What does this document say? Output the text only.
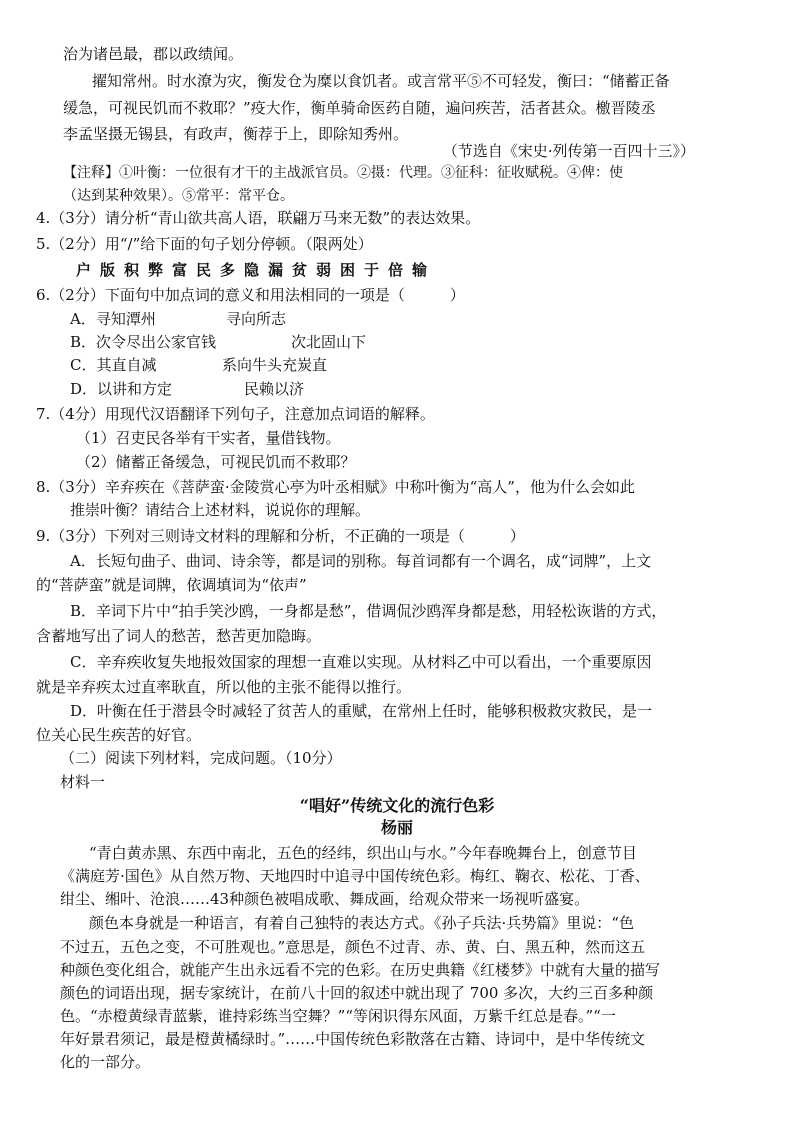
治为诸邑最，郡以政绩闻。
擢知常州。时水潦为灾，衡发仓为糜以食饥者。或言常平⑤不可轻发，衡曰：“储蓄正备
缓急，可视民饥而不救耶？”疫大作，衡单骑命医药自随，遍问疾苦，活者甚众。檄晋陵丞
李孟坚摄无锡县，有政声，衡荐于上，即除知秀州。
（节选自《宋史·列传第一百四十三》）
【注释】①叶衡：一位很有才干的主战派官员。②摄：代理。③征科：征收赋税。④俾：使
（达到某种效果）。⑤常平：常平仓。
4.（3分）请分析“青山欲共高人语，联翩万马来无数”的表达效果。
5.（2分）用“/”给下面的句子划分停顿。（限两处）
户版积弊富民多隐漏贫弱困于倍输
6.（2分）下面句中加点词的意义和用法相同的一项是（　　　）
A．寻知潭州	寻向所志
B．次令尽出公家官钱	次北固山下
C．其直自减	系向牛头充炭直
D．以讲和方定	民赖以济
7.（4分）用现代汉语翻译下列句子，注意加点词语的解释。
（1）召吏民各举有干实者，量借钱物。
（2）储蓄正备缓急，可视民饥而不救耶？
8.（3分）辛弃疾在《菩萨蛮·金陵赏心亭为叶丞相赋》中称叶衡为“高人”，他为什么会如此
推崇叶衡？请结合上述材料，说说你的理解。
9.（3分）下列对三则诗文材料的理解和分析，不正确的一项是（　　　）
A．长短句曲子、曲词、诗余等，都是词的别称。每首词都有一个调名，成“词牌”，上文
的“菩萨蛮”就是词牌，依调填词为“依声”
B．辛词下片中“拍手笑沙鸥，一身都是愁”，借调侃沙鸥浑身都是愁，用轻松诙谐的方式，
含蓄地写出了词人的愁苦，愁苦更加隐晦。
C．辛弃疾收复失地报效国家的理想一直难以实现。从材料乙中可以看出，一个重要原因
就是辛弃疾太过直率耿直，所以他的主张不能得以推行。
D．叶衡在任于潜县令时减轻了贫苦人的重赋，在常州上任时，能够积极救灾救民，是一
位关心民生疾苦的好官。
（二）阅读下列材料，完成问题。（10分）
材料一
“唱好”传统文化的流行色彩
杨丽
“青白黄赤黑、东西中南北，五色的经纬，织出山与水。”今年春晚舞台上，创意节目
《满庭芳·国色》从自然万物、天地四时中追寻中国传统色彩。梅红、鞠衣、松花、丁香、
绀尘、缃叶、沧浪……43种颜色被唱成歌、舞成画，给观众带来一场视听盛宴。
颜色本身就是一种语言，有着自己独特的表达方式。《孙子兵法·兵势篇》里说：“色
不过五，五色之变，不可胜观也。”意思是，颜色不过青、赤、黄、白、黑五种，然而这五
种颜色变化组合，就能产生出永远看不完的色彩。在历史典籍《红楼梦》中就有大量的描写
颜色的词语出现，据专家统计，在前八十回的叙述中就出现了 700 多次，大约三百多种颜
色。“赤橙黄绿青蓝紫，谁持彩练当空舞？”“等闲识得东风面，万紫千红总是春。”“一
年好景君须记，最是橙黄橘绿时。”……中国传统色彩散落在古籍、诗词中，是中华传统文
化的一部分。
